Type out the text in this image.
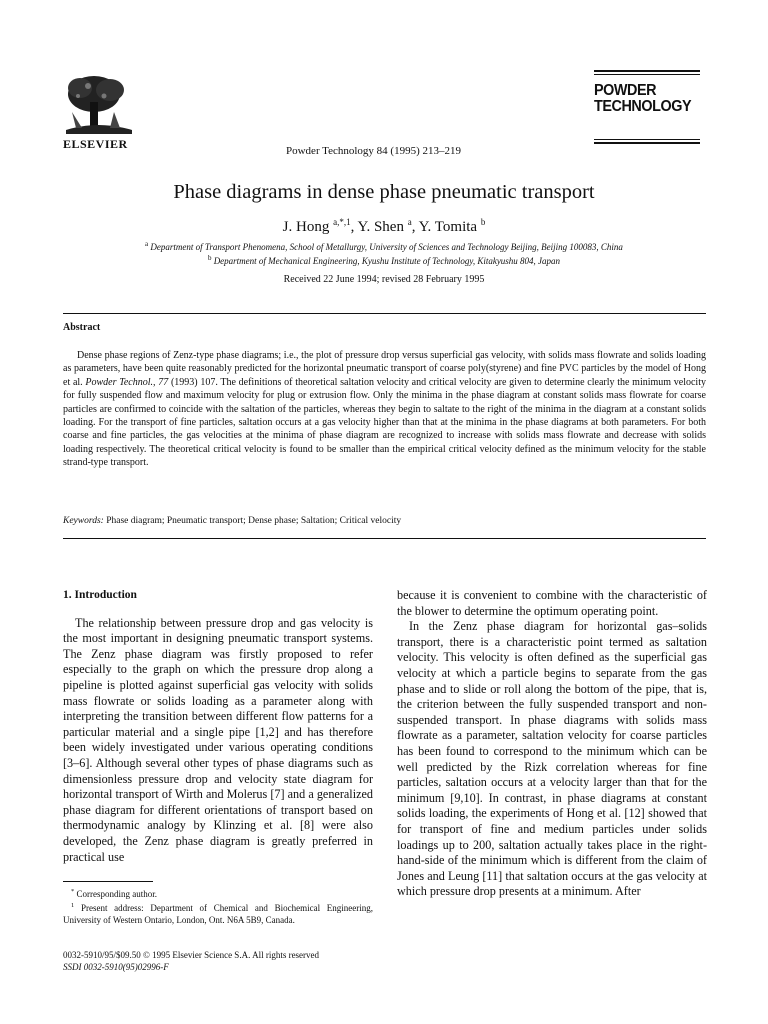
ELSEVIER	Powder Technology 84 (1995) 213–219
POWDER
TECHNOLOGY
Phase diagrams in dense phase pneumatic transport
J. Hong $^{a,*,1}$, Y. Shen $^a$, Y. Tomita $^b$
$^a$ Department of Transport Phenomena, School of Metallurgy, University of Sciences and Technology Beijing, Beijing 100083, China
$^b$ Department of Mechanical Engineering, Kyushu Institute of Technology, Kitakyushu 804, Japan
Received 22 June 1994; revised 28 February 1995
Abstract
Dense phase regions of Zenz-type phase diagrams; i.e., the plot of pressure drop versus superficial gas velocity, with solids mass flowrate and solids loading as parameters, have been quite reasonably predicted for the horizontal pneumatic transport of coarse poly(styrene) and fine PVC particles by the model of Hong et al. Powder Technol., 77 (1993) 107. The definitions of theoretical saltation velocity and critical velocity are given to determine clearly the minimum velocity for fully suspended flow and maximum velocity for plug or extrusion flow. Only the minima in the phase diagram at constant solids mass flowrate for coarse particles are confirmed to coincide with the saltation of the particles, whereas they begin to saltate to the right of the minima in the diagram at a constant solids loading. For the transport of fine particles, saltation occurs at a gas velocity higher than that at the minima in the phase diagrams at both parameters. For both coarse and fine particles, the gas velocities at the minima of phase diagram are recognized to increase with solids mass flowrate and decrease with solids loading respectively. The theoretical critical velocity is found to be smaller than the empirical critical velocity defined as the minimum velocity for the stable strand-type transport.
Keywords: Phase diagram; Pneumatic transport; Dense phase; Saltation; Critical velocity
1. Introduction

The relationship between pressure drop and gas velocity is the most important in designing pneumatic transport systems. The Zenz phase diagram was firstly proposed to refer especially to the graph on which the pressure drop along a pipeline is plotted against superficial gas velocity with solids mass flowrate or solids loading as a parameter along with interpreting the transition between different flow patterns for a particular material and a single pipe [1,2] and has therefore been widely investigated under various operating conditions [3–6]. Although several other types of phase diagrams such as dimensionless pressure drop and velocity state diagram for horizontal transport of Wirth and Molerus [7] and a generalized phase diagram for different orientations of transport based on thermodynamic analogy by Klinzing et al. [8] were also developed, the Zenz phase diagram is greatly preferred in practical use

because it is convenient to combine with the characteristic of the blower to determine the optimum operating point.

In the Zenz phase diagram for horizontal gas–solids transport, there is a characteristic point termed as saltation velocity. This velocity is often defined as the superficial gas velocity at which a particle begins to separate from the gas phase and to slide or roll along the bottom of the pipe, that is, the criterion between the fully suspended transport and non-suspended transport. In phase diagrams with solids mass flowrate as a parameter, saltation velocity for coarse particles has been found to correspond to the minimum which can be well predicted by the Rizk correlation whereas for fine particles, saltation occurs at a velocity larger than that for the minimum [9,10]. In contrast, in phase diagrams at constant solids loading, the experiments of Hong et al. [12] showed that for transport of fine and medium particles under solids loadings up to 200, saltation actually takes place in the right-hand-side of the minimum which is different from the claim of Jones and Leung [11] that saltation occurs at the gas velocity at which pressure drop presents at a minimum. After

* Corresponding author.

$^1$ Present address: Department of Chemical and Biochemical Engineering, University of Western Ontario, London, Ont. N6A 5B9, Canada.

0032-5910/95/$09.50 © 1995 Elsevier Science S.A. All rights reserved
SSDI 0032-5910(95)02996-F
